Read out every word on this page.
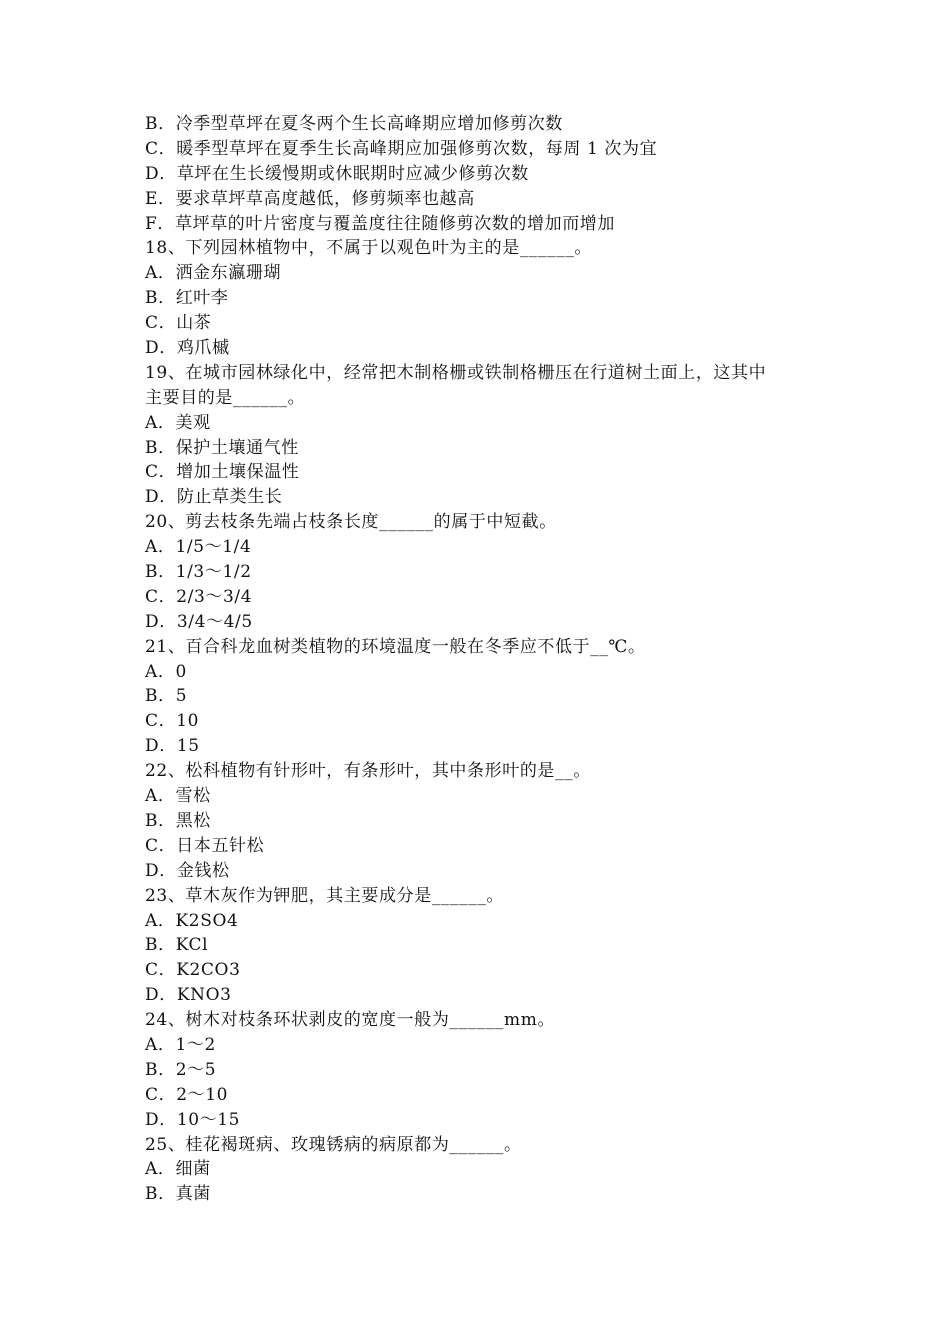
B．冷季型草坪在夏冬两个生长高峰期应增加修剪次数
C．暖季型草坪在夏季生长高峰期应加强修剪次数，每周 1 次为宜
D．草坪在生长缓慢期或休眠期时应减少修剪次数
E．要求草坪草高度越低，修剪频率也越高
F．草坪草的叶片密度与覆盖度往往随修剪次数的增加而增加
18、下列园林植物中，不属于以观色叶为主的是______。
A．洒金东瀛珊瑚
B．红叶李
C．山茶
D．鸡爪槭
19、在城市园林绿化中，经常把木制格栅或铁制格栅压在行道树土面上，这其中
主要目的是______。
A．美观
B．保护土壤通气性
C．增加土壤保温性
D．防止草类生长
20、剪去枝条先端占枝条长度______的属于中短截。
A．1/5～1/4
B．1/3～1/2
C．2/3～3/4
D．3/4～4/5
21、百合科龙血树类植物的环境温度一般在冬季应不低于__℃。
A．0
B．5
C．10
D．15
22、松科植物有针形叶，有条形叶，其中条形叶的是__。
A．雪松
B．黑松
C．日本五针松
D．金钱松
23、草木灰作为钾肥，其主要成分是______。
A．K2SO4
B．KCl
C．K2CO3
D．KNO3
24、树木对枝条环状剥皮的宽度一般为______mm。
A．1～2
B．2～5
C．2～10
D．10～15
25、桂花褐斑病、玫瑰锈病的病原都为______。
A．细菌
B．真菌
